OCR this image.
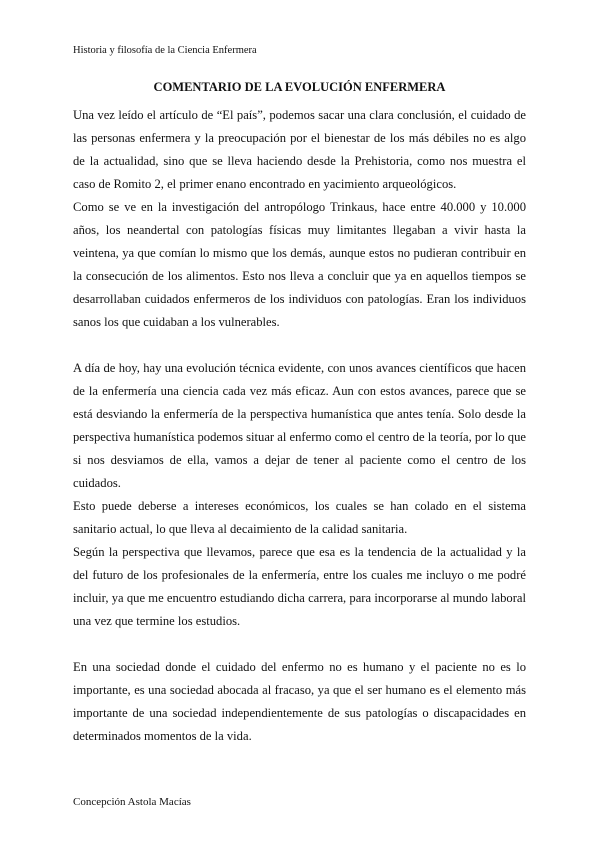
Historia y filosofía de la Ciencia Enfermera
COMENTARIO DE LA EVOLUCIÓN ENFERMERA

Una vez leído el artículo de “El país”, podemos sacar una clara conclusión, el cuidado de las personas enfermera y la preocupación por el bienestar de los más débiles no es algo de la actualidad, sino que se lleva haciendo desde la Prehistoria, como nos muestra el caso de Romito 2, el primer enano encontrado en yacimiento arqueológicos.

Como se ve en la investigación del antropólogo Trinkaus, hace entre 40.000 y 10.000 años, los neandertal con patologías físicas muy limitantes llegaban a vivir hasta la veintena, ya que comían lo mismo que los demás, aunque estos no pudieran contribuir en la consecución de los alimentos. Esto nos lleva a concluir que ya en aquellos tiempos se desarrollaban cuidados enfermeros de los individuos con patologías. Eran los individuos sanos los que cuidaban a los vulnerables.

A día de hoy, hay una evolución técnica evidente, con unos avances científicos que hacen de la enfermería una ciencia cada vez más eficaz. Aun con estos avances, parece que se está desviando la enfermería de la perspectiva humanística que antes tenía. Solo desde la perspectiva humanística podemos situar al enfermo como el centro de la teoría, por lo que si nos desviamos de ella, vamos a dejar de tener al paciente como el centro de los cuidados.

Esto puede deberse a intereses económicos, los cuales se han colado en el sistema sanitario actual, lo que lleva al decaimiento de la calidad sanitaria.

Según la perspectiva que llevamos, parece que esa es la tendencia de la actualidad y la del futuro de los profesionales de la enfermería, entre los cuales me incluyo o me podré incluir, ya que me encuentro estudiando dicha carrera, para incorporarse al mundo laboral una vez que termine los estudios.

En una sociedad donde el cuidado del enfermo no es humano y el paciente no es lo importante, es una sociedad abocada al fracaso, ya que el ser humano es el elemento más importante de una sociedad independientemente de sus patologías o discapacidades en determinados momentos de la vida.

Concepción Astola Macías
